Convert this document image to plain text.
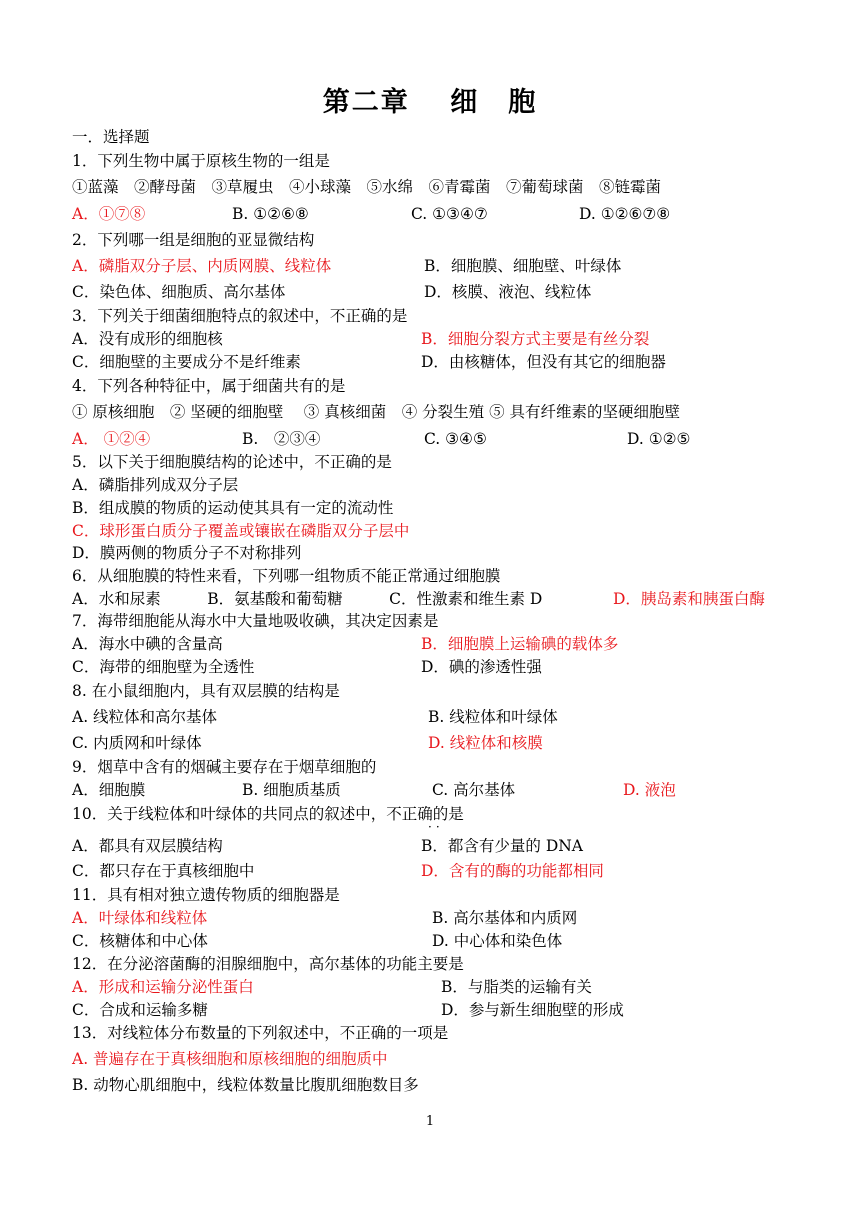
第二章　 细　胞
一．选择题
1．下列生物中属于原核生物的一组是
①蓝藻　②酵母菌　③草履虫　④小球藻　⑤水绵　⑥青霉菌　⑦葡萄球菌　⑧链霉菌
A．①⑦⑧	B. ①②⑥⑧	C. ①③④⑦	D. ①②⑥⑦⑧
2．下列哪一组是细胞的亚显微结构
A．磷脂双分子层、内质网膜、线粒体	B．细胞膜、细胞壁、叶绿体
C．染色体、细胞质、高尔基体	D．核膜、液泡、线粒体
3．下列关于细菌细胞特点的叙述中，不正确的是
A．没有成形的细胞核	B．细胞分裂方式主要是有丝分裂
C．细胞壁的主要成分不是纤维素	D．由核糖体，但没有其它的细胞器
4．下列各种特征中，属于细菌共有的是
① 原核细胞　② 坚硬的细胞壁　 ③ 真核细菌　④ 分裂生殖 ⑤ 具有纤维素的坚硬细胞壁
A． ①②④	B.　②③④	C. ③④⑤	D. ①②⑤
5．以下关于细胞膜结构的论述中，不正确的是
A．磷脂排列成双分子层
B．组成膜的物质的运动使其具有一定的流动性
C．球形蛋白质分子覆盖或镶嵌在磷脂双分子层中
D．膜两侧的物质分子不对称排列
6．从细胞膜的特性来看，下列哪一组物质不能正常通过细胞膜
A．水和尿素　　　B．氨基酸和葡萄糖　　　C．性激素和维生素 D	D．胰岛素和胰蛋白酶
7．海带细胞能从海水中大量地吸收碘，其决定因素是
A．海水中碘的含量高	B．细胞膜上运输碘的载体多
C．海带的细胞壁为全透性	D．碘的渗透性强
8. 在小鼠细胞内，具有双层膜的结构是
A. 线粒体和高尔基体	B. 线粒体和叶绿体
C. 内质网和叶绿体	D. 线粒体和核膜
9．烟草中含有的烟碱主要存在于烟草细胞的
A．细胞膜	B. 细胞质基质	C. 高尔基体	D. 液泡
10．关于线粒体和叶绿体的共同点的叙述中，不正确的是
··
A．都具有双层膜结构	B．都含有少量的 DNA
C．都只存在于真核细胞中	D．含有的酶的功能都相同
11．具有相对独立遗传物质的细胞器是
A．叶绿体和线粒体	B. 高尔基体和内质网
C．核糖体和中心体	D. 中心体和染色体
12．在分泌溶菌酶的泪腺细胞中，高尔基体的功能主要是
A．形成和运输分泌性蛋白	B．与脂类的运输有关
C．合成和运输多糖	D．参与新生细胞壁的形成
13．对线粒体分布数量的下列叙述中，不正确的一项是
A. 普遍存在于真核细胞和原核细胞的细胞质中
B. 动物心肌细胞中，线粒体数量比腹肌细胞数目多
1
